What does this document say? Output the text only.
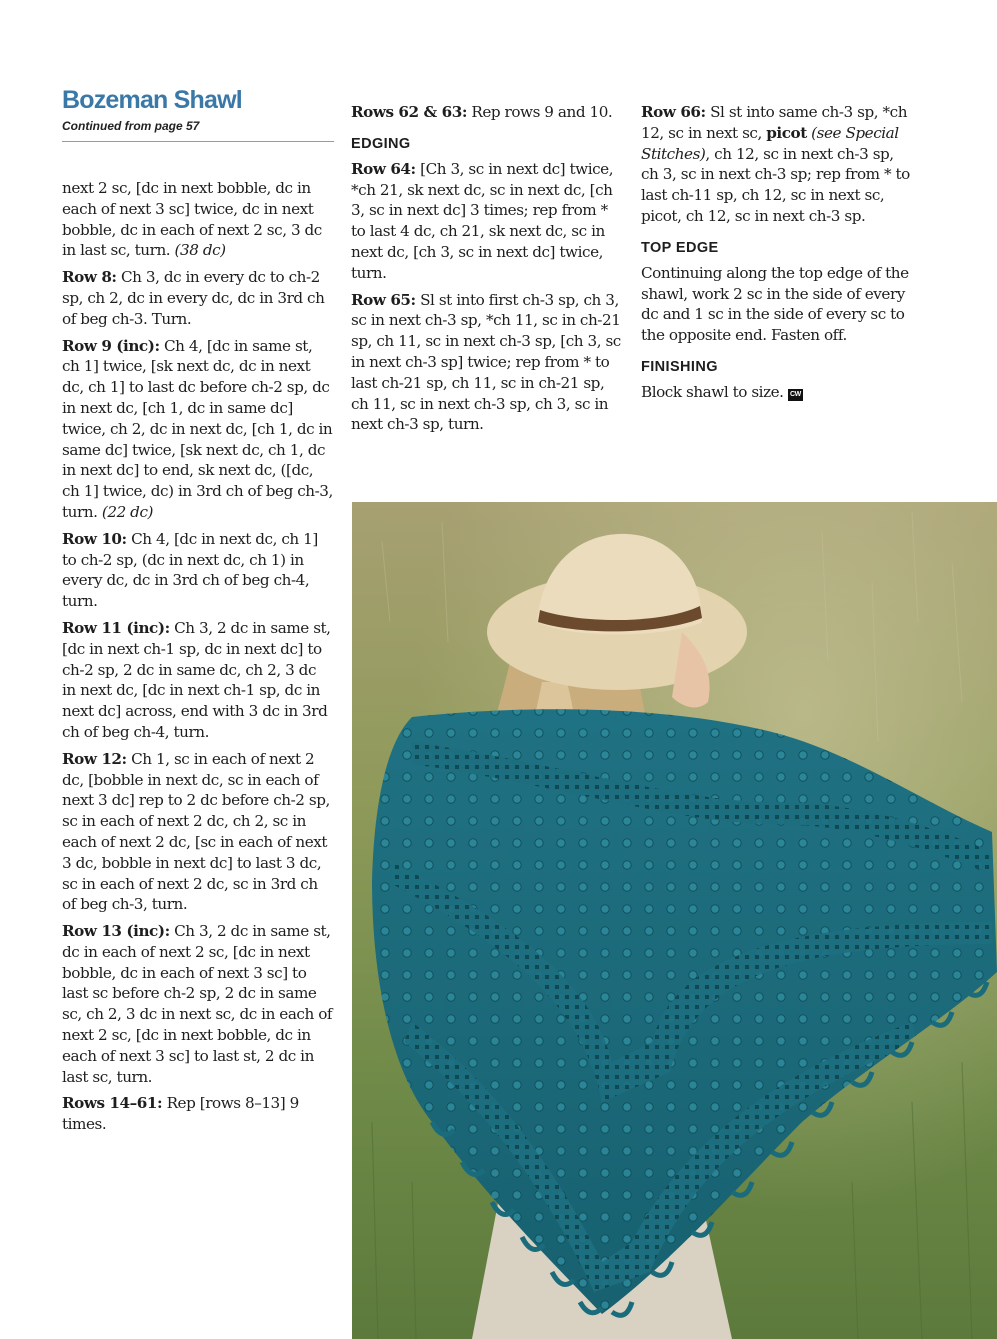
Bozeman Shawl
Continued from page 57

next 2 sc, [dc in next bobble, dc in each of next 3 sc] twice, dc in next bobble, dc in each of next 2 sc, 3 dc in last sc, turn. (38 dc)

Row 8: Ch 3, dc in every dc to ch-2 sp, ch 2, dc in every dc, dc in 3rd ch of beg ch-3. Turn.

Row 9 (inc): Ch 4, [dc in same st, ch 1] twice, [sk next dc, dc in next dc, ch 1] to last dc before ch-2 sp, dc in next dc, [ch 1, dc in same dc] twice, ch 2, dc in next dc, [ch 1, dc in same dc] twice, [sk next dc, ch 1, dc in next dc] to end, sk next dc, ([dc, ch 1] twice, dc) in 3rd ch of beg ch-3, turn. (22 dc)

Row 10: Ch 4, [dc in next dc, ch 1] to ch-2 sp, (dc in next dc, ch 1) in every dc, dc in 3rd ch of beg ch-4, turn.

Row 11 (inc): Ch 3, 2 dc in same st, [dc in next ch-1 sp, dc in next dc] to ch-2 sp, 2 dc in same dc, ch 2, 3 dc in next dc, [dc in next ch-1 sp, dc in next dc] across, end with 3 dc in 3rd ch of beg ch-4, turn.

Row 12: Ch 1, sc in each of next 2 dc, [bobble in next dc, sc in each of next 3 dc] rep to 2 dc before ch-2 sp, sc in each of next 2 dc, ch 2, sc in each of next 2 dc, [sc in each of next 3 dc, bobble in next dc] to last 3 dc, sc in each of next 2 dc, sc in 3rd ch of beg ch-3, turn.

Row 13 (inc): Ch 3, 2 dc in same st, dc in each of next 2 sc, [dc in next bobble, dc in each of next 3 sc] to last sc before ch-2 sp, 2 dc in same sc, ch 2, 3 dc in next sc, dc in each of next 2 sc, [dc in next bobble, dc in each of next 3 sc] to last st, 2 dc in last sc, turn.

Rows 14–61: Rep [rows 8–13] 9 times.

Rows 62 & 63: Rep rows 9 and 10.

EDGING

Row 64: [Ch 3, sc in next dc] twice, *ch 21, sk next dc, sc in next dc, [ch 3, sc in next dc] 3 times; rep from * to last 4 dc, ch 21, sk next dc, sc in next dc, [ch 3, sc in next dc] twice, turn.

Row 65: Sl st into first ch-3 sp, ch 3, sc in next ch-3 sp, *ch 11, sc in ch-21 sp, ch 11, sc in next ch-3 sp, [ch 3, sc in next ch-3 sp] twice; rep from * to last ch-21 sp, ch 11, sc in ch-21 sp, ch 11, sc in next ch-3 sp, ch 3, sc in next ch-3 sp, turn.

Row 66: Sl st into same ch-3 sp, *ch 12, sc in next sc, picot (see Special Stitches), ch 12, sc in next ch-3 sp, ch 3, sc in next ch-3 sp; rep from * to last ch-11 sp, ch 12, sc in next sc, picot, ch 12, sc in next ch-3 sp.

TOP EDGE

Continuing along the top edge of the shawl, work 2 sc in the side of every dc and 1 sc in the side of every sc to the opposite end. Fasten off.

FINISHING

Block shawl to size. CW
